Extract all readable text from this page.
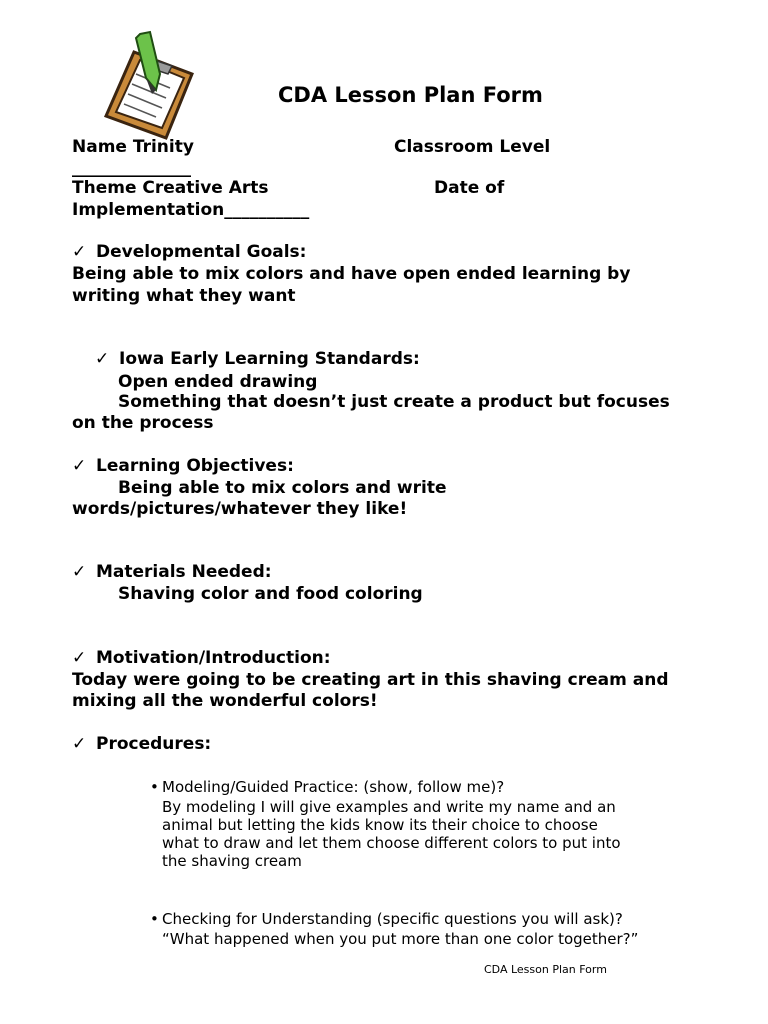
CDA Lesson Plan Form
Name Trinity	Classroom Level
______________
Theme Creative Arts	Date of
Implementation__________
✓ Developmental Goals:
Being able to mix colors and have open ended learning by
writing what they want
✓ Iowa Early Learning Standards:
Open ended drawing
Something that doesn’t just create a product but focuses
on the process
✓ Learning Objectives:
Being able to mix colors and write
words/pictures/whatever they like!
✓ Materials Needed:
Shaving color and food coloring
✓ Motivation/Introduction:
Today were going to be creating art in this shaving cream and
mixing all the wonderful colors!
✓ Procedures:
• Modeling/Guided Practice: (show, follow me)?
By modeling I will give examples and write my name and an
animal but letting the kids know its their choice to choose
what to draw and let them choose different colors to put into
the shaving cream
• Checking for Understanding (specific questions you will ask)?
“What happened when you put more than one color together?”
CDA Lesson Plan Form
